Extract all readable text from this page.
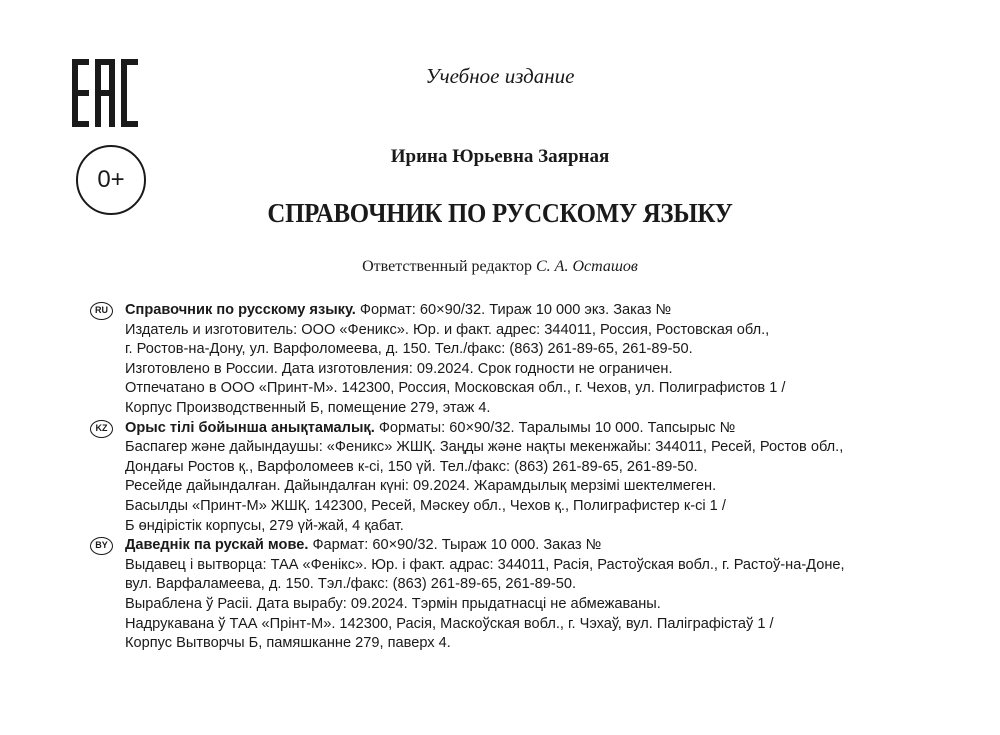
0+
Учебное издание
Ирина Юрьевна Заярная
СПРАВОЧНИК ПО РУССКОМУ ЯЗЫКУ
Ответственный редактор С. А. Осташов
RU	Справочник по русскому языку. Формат: 60×90/32. Тираж 10 000 экз. Заказ №
Издатель и изготовитель: ООО «Феникс». Юр. и факт. адрес: 344011, Россия, Ростовская обл.,
г. Ростов-на-Дону, ул. Варфоломеева, д. 150. Тел./факс: (863) 261-89-65, 261-89-50.
Изготовлено в России. Дата изготовления: 09.2024. Срок годности не ограничен.
Отпечатано в ООО «Принт-М». 142300, Россия, Московская обл., г. Чехов, ул. Полиграфистов 1 /
Корпус Производственный Б, помещение 279, этаж 4.
KZ	Орыс тілі бойынша анықтамалық. Форматы: 60×90/32. Таралымы 10 000. Тапсырыс №
Баспагер және дайындаушы: «Феникс» ЖШҚ. Заңды және нақты мекенжайы: 344011, Ресей, Ростов обл.,
Дондағы Ростов қ., Варфоломеев к-сі, 150 үй. Тел./факс: (863) 261-89-65, 261-89-50.
Ресейде дайындалған. Дайындалған күні: 09.2024. Жарамдылық мерзімі шектелмеген.
Басылды «Принт-М» ЖШҚ. 142300, Ресей, Мәскеу обл., Чехов қ., Полиграфистер к-сі 1 /
Б өндірістік корпусы, 279 үй-жай, 4 қабат.
BY	Даведнік па рускай мове. Фармат: 60×90/32. Тыраж 10 000. Заказ №
Выдавец і вытворца: ТАА «Фенікс». Юр. і факт. адрас: 344011, Расія, Растоўская вобл., г. Растоў-на-Доне,
вул. Варфаламеева, д. 150. Тэл./факс: (863) 261-89-65, 261-89-50.
Выраблена ў Расіі. Дата вырабу: 09.2024. Тэрмін прыдатнасці не абмежаваны.
Надрукавана ў ТАА «Прінт-М». 142300, Расія, Маскоўская вобл., г. Чэхаў, вул. Паліграфістаў 1 /
Корпус Вытворчы Б, памяшканне 279, паверх 4.
